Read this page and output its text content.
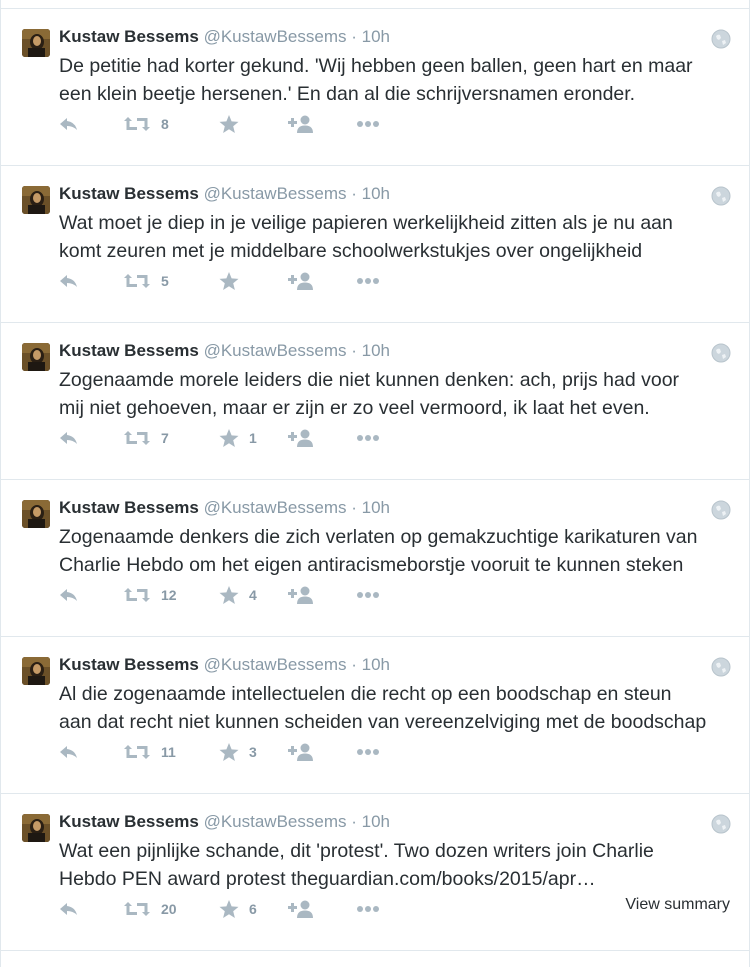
Kustaw Bessems @KustawBessems · 10h
De petitie had korter gekund. 'Wij hebben geen ballen, geen hart en maar
een klein beetje hersenen.' En dan al die schrijversnamen eronder.
8
Kustaw Bessems @KustawBessems · 10h
Wat moet je diep in je veilige papieren werkelijkheid zitten als je nu aan
komt zeuren met je middelbare schoolwerkstukjes over ongelijkheid
5
Kustaw Bessems @KustawBessems · 10h
Zogenaamde morele leiders die niet kunnen denken: ach, prijs had voor
mij niet gehoeven, maar er zijn er zo veel vermoord, ik laat het even.
7	1
Kustaw Bessems @KustawBessems · 10h
Zogenaamde denkers die zich verlaten op gemakzuchtige karikaturen van
Charlie Hebdo om het eigen antiracismeborstje vooruit te kunnen steken
12	4
Kustaw Bessems @KustawBessems · 10h
Al die zogenaamde intellectuelen die recht op een boodschap en steun
aan dat recht niet kunnen scheiden van vereenzelviging met de boodschap
11	3
Kustaw Bessems @KustawBessems · 10h
Wat een pijnlijke schande, dit 'protest'. Two dozen writers join Charlie
Hebdo PEN award protest theguardian.com/books/2015/apr…
20	6	View summary
